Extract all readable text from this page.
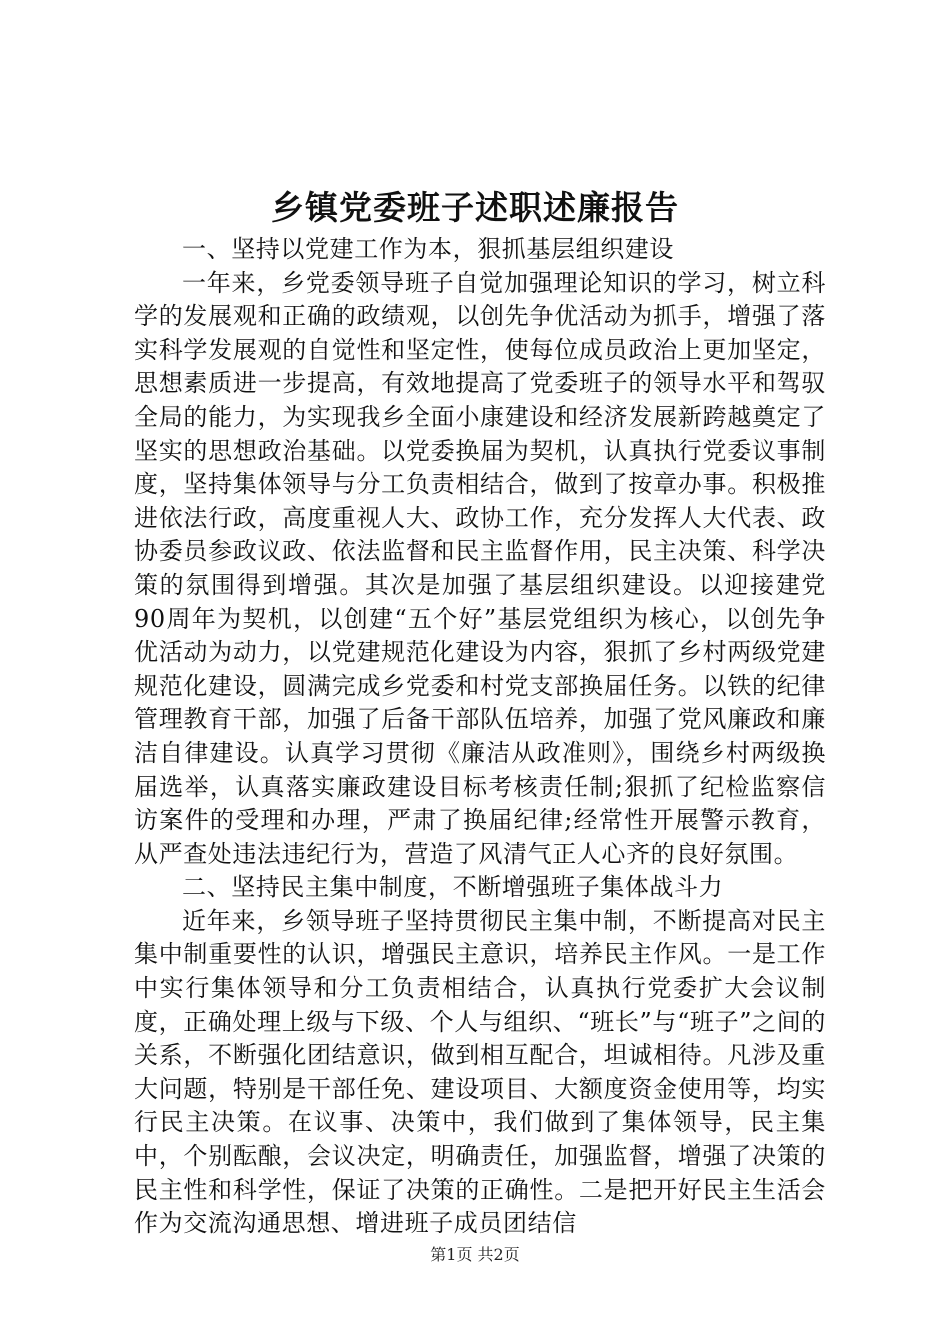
乡镇党委班子述职述廉报告

一、坚持以党建工作为本，狠抓基层组织建设

一年来，乡党委领导班子自觉加强理论知识的学习，树立科学的发展观和正确的政绩观，以创先争优活动为抓手，增强了落实科学发展观的自觉性和坚定性，使每位成员政治上更加坚定，思想素质进一步提高，有效地提高了党委班子的领导水平和驾驭全局的能力，为实现我乡全面小康建设和经济发展新跨越奠定了坚实的思想政治基础。以党委换届为契机，认真执行党委议事制度，坚持集体领导与分工负责相结合，做到了按章办事。积极推进依法行政，高度重视人大、政协工作，充分发挥人大代表、政协委员参政议政、依法监督和民主监督作用，民主决策、科学决策的氛围得到增强。其次是加强了基层组织建设。以迎接建党90周年为契机，以创建“五个好”基层党组织为核心，以创先争优活动为动力，以党建规范化建设为内容，狠抓了乡村两级党建规范化建设，圆满完成乡党委和村党支部换届任务。以铁的纪律管理教育干部，加强了后备干部队伍培养，加强了党风廉政和廉洁自律建设。认真学习贯彻《廉洁从政准则》，围绕乡村两级换届选举，认真落实廉政建设目标考核责任制;狠抓了纪检监察信访案件的受理和办理，严肃了换届纪律;经常性开展警示教育，从严查处违法违纪行为，营造了风清气正人心齐的良好氛围。

二、坚持民主集中制度，不断增强班子集体战斗力

近年来，乡领导班子坚持贯彻民主集中制，不断提高对民主集中制重要性的认识，增强民主意识，培养民主作风。一是工作中实行集体领导和分工负责相结合，认真执行党委扩大会议制度，正确处理上级与下级、个人与组织、“班长”与“班子”之间的关系，不断强化团结意识，做到相互配合，坦诚相待。凡涉及重大问题，特别是干部任免、建设项目、大额度资金使用等，均实行民主决策。在议事、决策中，我们做到了集体领导，民主集中，个别酝酿，会议决定，明确责任，加强监督，增强了决策的民主性和科学性，保证了决策的正确性。二是把开好民主生活会作为交流沟通思想、增进班子成员团结信

第1页 共2页
